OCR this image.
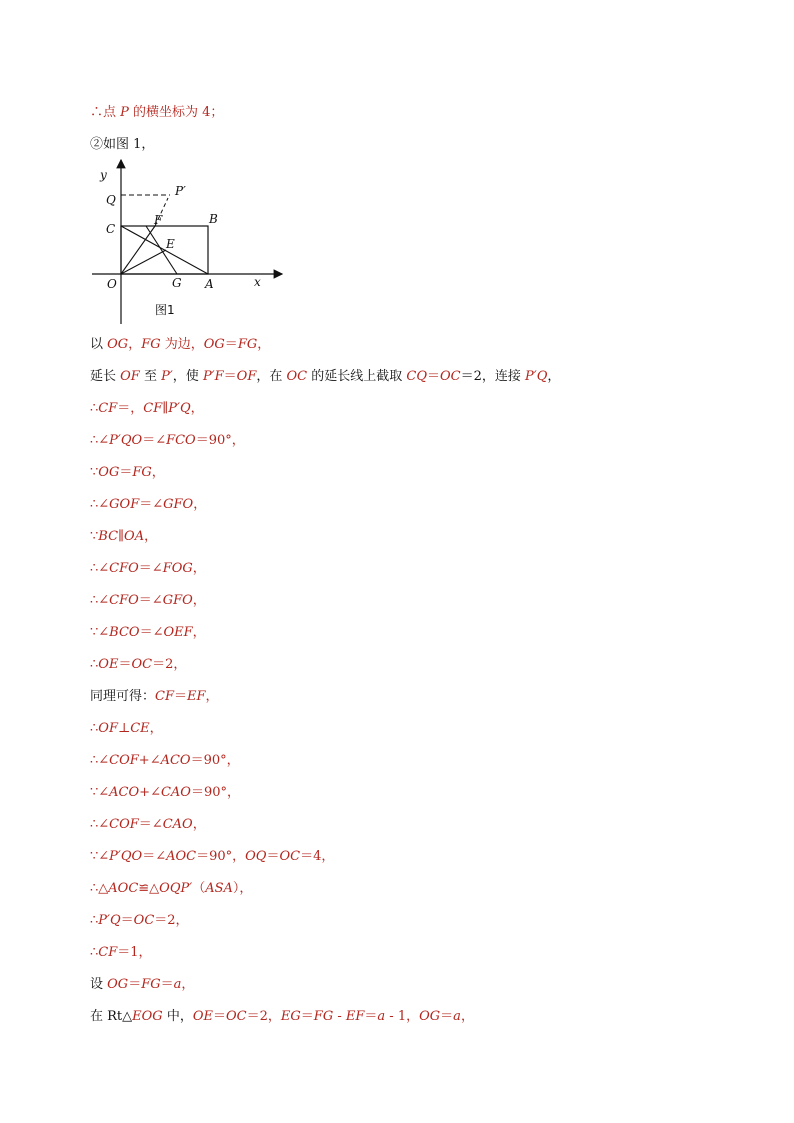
∴点 P 的横坐标为 4；
②如图 1，
以 OG，FG 为边，OG＝FG，
延长 OF 至 P′，使 P′F＝OF，在 OC 的延长线上截取 CQ＝OC＝2，连接 P′Q，
∴CF＝，CF∥P′Q，
∴∠P′QO＝∠FCO＝90°，
∵OG＝FG，
∴∠GOF＝∠GFO，
∵BC∥OA，
∴∠CFO＝∠FOG，
∴∠CFO＝∠GFO，
∵∠BCO＝∠OEF，
∴OE＝OC＝2，
同理可得：CF＝EF，
∴OF⊥CE，
∴∠COF+∠ACO＝90°，
∵∠ACO+∠CAO＝90°，
∴∠COF＝∠CAO，
∵∠P′QO＝∠AOC＝90°，OQ＝OC＝4，
∴△AOC≌△OQP′（ASA），
∴P′Q＝OC＝2，
∴CF＝1，
设 OG＝FG＝a，
在 Rt△EOG 中，OE＝OC＝2，EG＝FG - EF＝a - 1，OG＝a，
y
Q
P′
C
F	B
E
O	G A	x
图1
